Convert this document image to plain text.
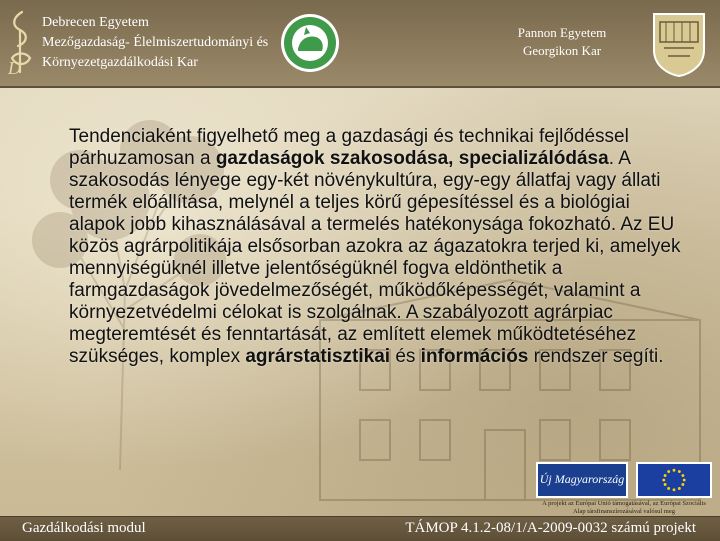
D
Debrecen Egyetem
Mezőgazdaság- Élelmiszertudományi és
Környezetgazdálkodási Kar
Pannon Egyetem
Georgikon Kar
Tendenciaként figyelhető meg a gazdasági és technikai fejlődéssel párhuzamosan a gazdaságok szakosodása, specializálódása. A szakosodás lényege egy-két növénykultúra, egy-egy állatfaj vagy állati termék előállítása, melynél a teljes körű gépesítéssel és a biológiai alapok jobb kihasználásával a termelés hatékonysága fokozható. Az EU közös agrárpolitikája elsősorban azokra az ágazatokra terjed ki, amelyek mennyiségüknél illetve jelentőségüknél fogva eldönthetik a farmgazdaságok jövedelmezőségét, működőképességét, valamint a környezetvédelmi célokat is szolgálnak. A szabályozott agrárpiac megteremtését és fenntartását, az említett elemek működtetéséhez szükséges, komplex agrárstatisztikai és információs rendszer segíti.
Új Magyarország
A projekt az Európai Unió támogatásával, az Európai Szociális Alap társfinanszírozásával valósul meg
Gazdálkodási modul	TÁMOP 4.1.2-08/1/A-2009-0032 számú projekt
